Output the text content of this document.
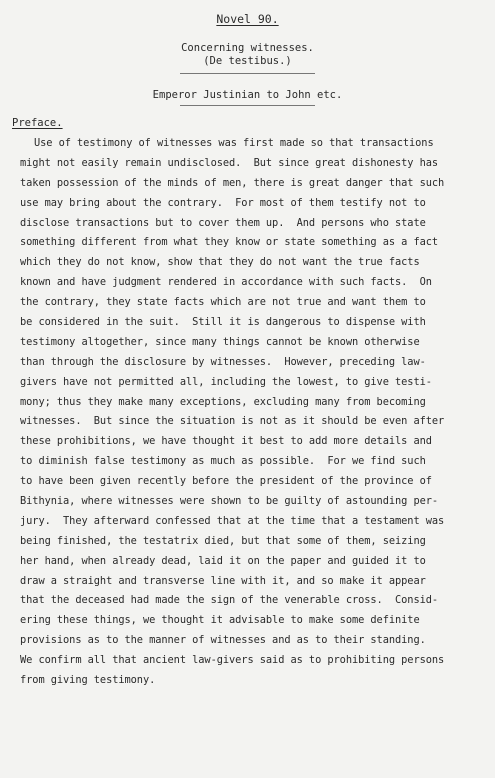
Novel 90.
Concerning witnesses.
(De testibus.)
Emperor Justinian to John etc.
Preface.
Use of testimony of witnesses was first made so that transactions
might not easily remain undisclosed.  But since great dishonesty has
taken possession of the minds of men, there is great danger that such
use may bring about the contrary.  For most of them testify not to
disclose transactions but to cover them up.  And persons who state
something different from what they know or state something as a fact
which they do not know, show that they do not want the true facts
known and have judgment rendered in accordance with such facts.  On
the contrary, they state facts which are not true and want them to
be considered in the suit.  Still it is dangerous to dispense with
testimony altogether, since many things cannot be known otherwise
than through the disclosure by witnesses.  However, preceding law-
givers have not permitted all, including the lowest, to give testi-
mony; thus they make many exceptions, excluding many from becoming
witnesses.  But since the situation is not as it should be even after
these prohibitions, we have thought it best to add more details and
to diminish false testimony as much as possible.  For we find such
to have been given recently before the president of the province of
Bithynia, where witnesses were shown to be guilty of astounding per-
jury.  They afterward confessed that at the time that a testament was
being finished, the testatrix died, but that some of them, seizing
her hand, when already dead, laid it on the paper and guided it to
draw a straight and transverse line with it, and so make it appear
that the deceased had made the sign of the venerable cross.  Consid-
ering these things, we thought it advisable to make some definite
provisions as to the manner of witnesses and as to their standing.
We confirm all that ancient law-givers said as to prohibiting persons
from giving testimony.
